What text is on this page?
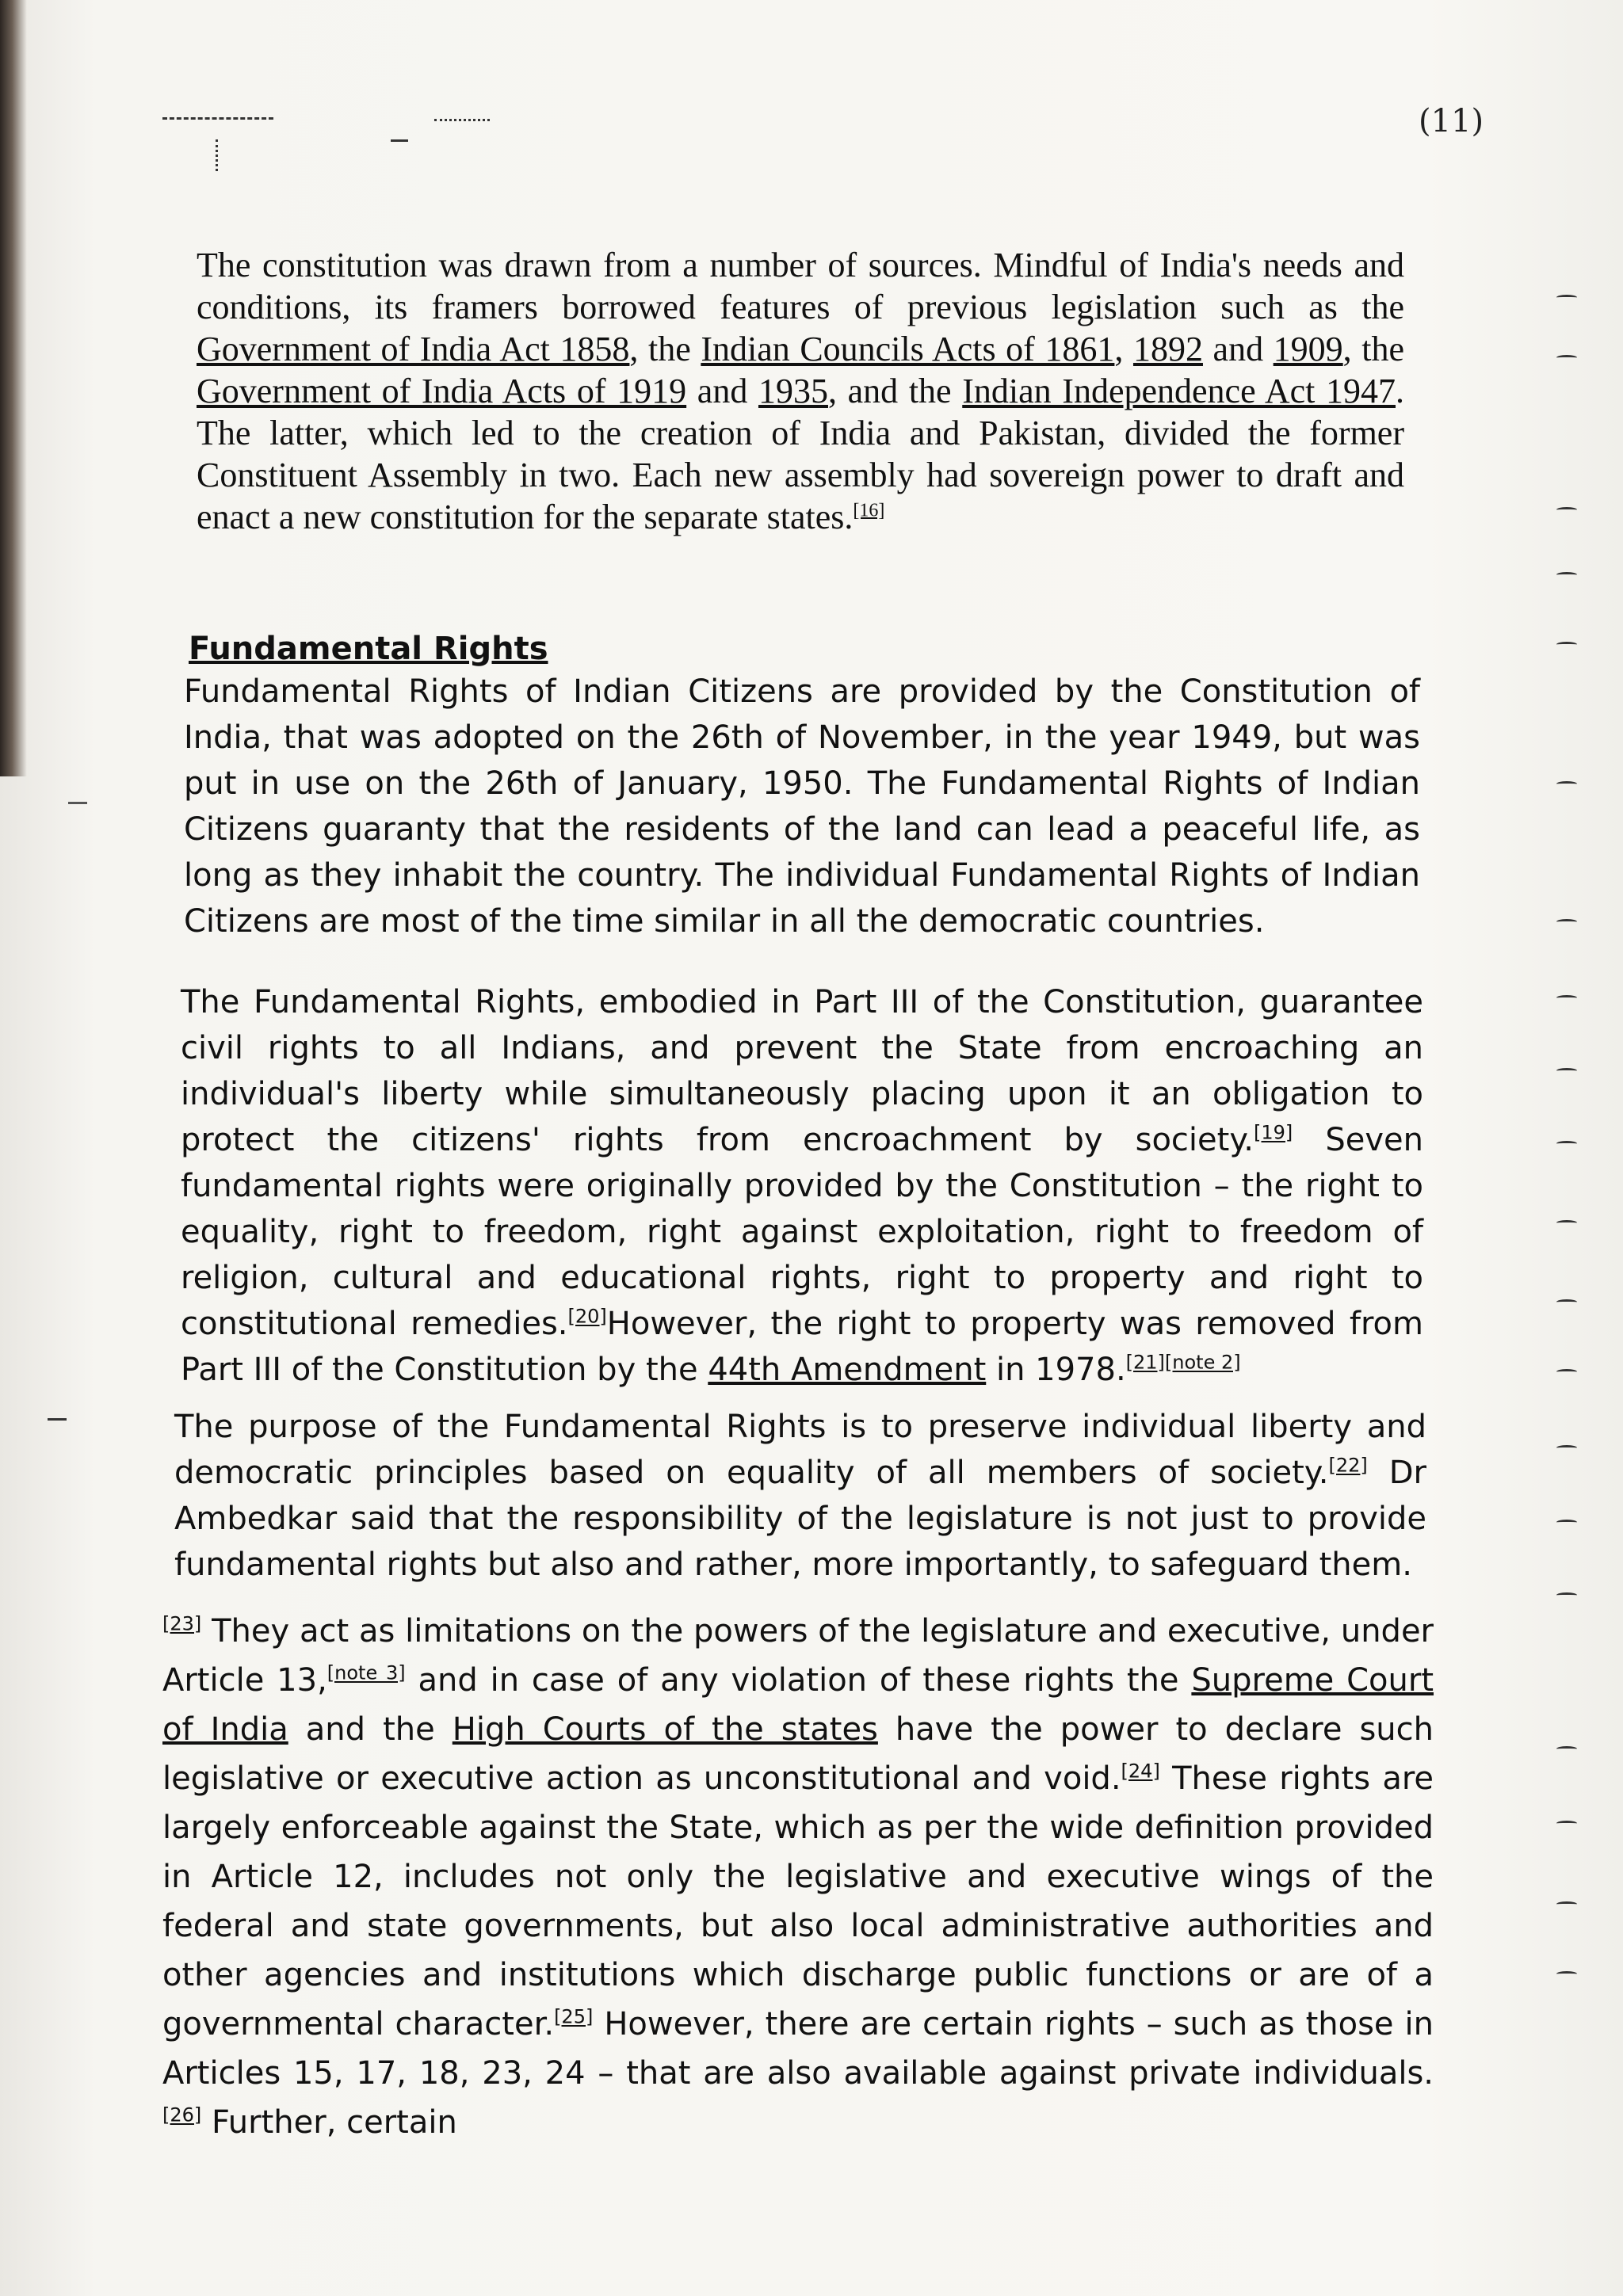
(11)

The constitution was drawn from a number of sources. Mindful of India's needs and conditions, its framers borrowed features of previous legislation such as the Government of India Act 1858, the Indian Councils Acts of 1861, 1892 and 1909, the Government of India Acts of 1919 and 1935, and the Indian Independence Act 1947. The latter, which led to the creation of India and Pakistan, divided the former Constituent Assembly in two. Each new assembly had sovereign power to draft and enact a new constitution for the separate states.[16]

Fundamental Rights

Fundamental Rights of Indian Citizens are provided by the Constitution of India, that was adopted on the 26th of November, in the year 1949, but was put in use on the 26th of January, 1950. The Fundamental Rights of Indian Citizens guaranty that the residents of the land can lead a peaceful life, as long as they inhabit the country. The individual Fundamental Rights of Indian Citizens are most of the time similar in all the democratic countries.

The Fundamental Rights, embodied in Part III of the Constitution, guarantee civil rights to all Indians, and prevent the State from encroaching an individual's liberty while simultaneously placing upon it an obligation to protect the citizens' rights from encroachment by society.[19] Seven fundamental rights were originally provided by the Constitution – the right to equality, right to freedom, right against exploitation, right to freedom of religion, cultural and educational rights, right to property and right to constitutional remedies.[20]However, the right to property was removed from Part III of the Constitution by the 44th Amendment in 1978.[21][note 2]

The purpose of the Fundamental Rights is to preserve individual liberty and democratic principles based on equality of all members of society.[22] Dr Ambedkar said that the responsibility of the legislature is not just to provide fundamental rights but also and rather, more importantly, to safeguard them.

[23] They act as limitations on the powers of the legislature and executive, under Article 13,[note 3] and in case of any violation of these rights the Supreme Court of India and the High Courts of the states have the power to declare such legislative or executive action as unconstitutional and void.[24] These rights are largely enforceable against the State, which as per the wide definition provided in Article 12, includes not only the legislative and executive wings of the federal and state governments, but also local administrative authorities and other agencies and institutions which discharge public functions or are of a governmental character.[25] However, there are certain rights – such as those in Articles 15, 17, 18, 23, 24 – that are also available against private individuals.[26] Further, certain
